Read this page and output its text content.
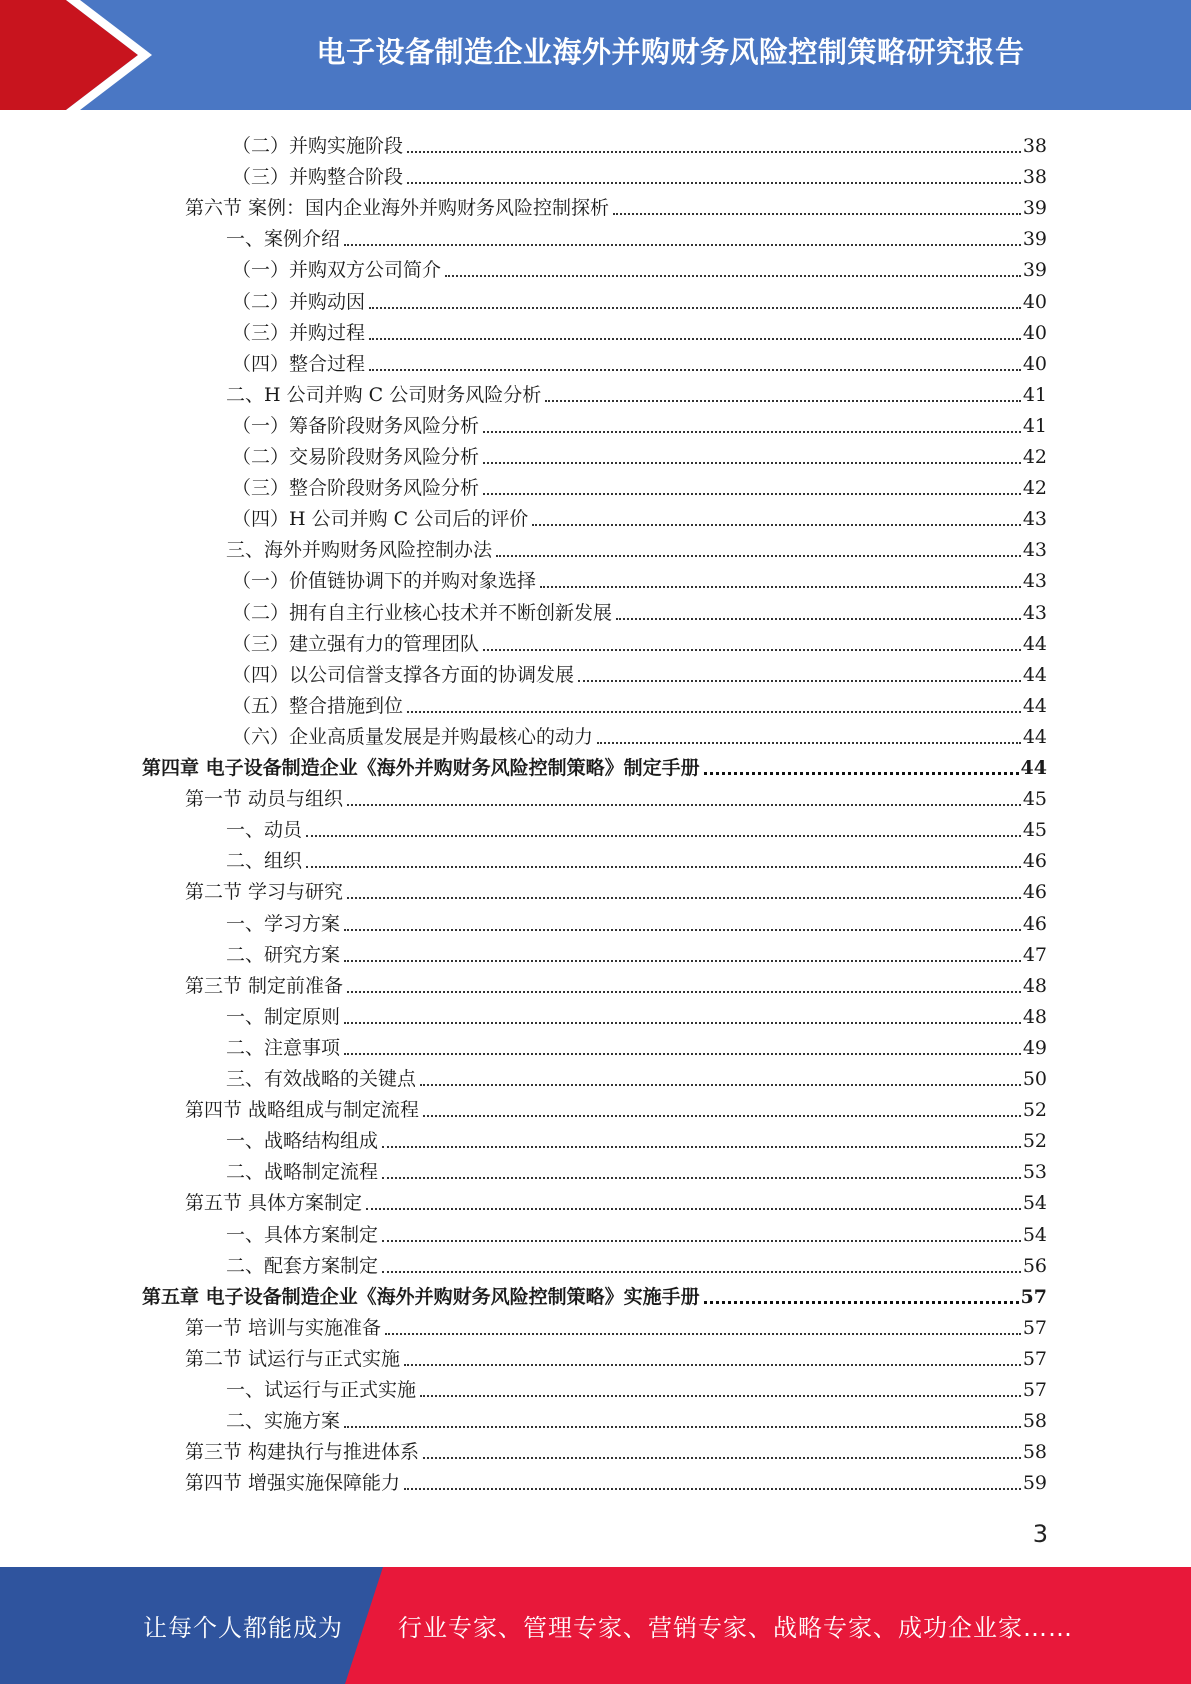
电子设备制造企业海外并购财务风险控制策略研究报告
（二）并购实施阶段	38
（三）并购整合阶段	38
第六节 案例：国内企业海外并购财务风险控制探析	39
一、案例介绍	39
（一）并购双方公司简介	39
（二）并购动因	40
（三）并购过程	40
（四）整合过程	40
二、H 公司并购 C 公司财务风险分析	41
（一）筹备阶段财务风险分析	41
（二）交易阶段财务风险分析	42
（三）整合阶段财务风险分析	42
（四）H 公司并购 C 公司后的评价	43
三、海外并购财务风险控制办法	43
（一）价值链协调下的并购对象选择	43
（二）拥有自主行业核心技术并不断创新发展	43
（三）建立强有力的管理团队	44
（四）以公司信誉支撑各方面的协调发展	44
（五）整合措施到位	44
（六）企业高质量发展是并购最核心的动力	44
第四章 电子设备制造企业《海外并购财务风险控制策略》制定手册	44
第一节 动员与组织	45
一、动员	45
二、组织	46
第二节 学习与研究	46
一、学习方案	46
二、研究方案	47
第三节 制定前准备	48
一、制定原则	48
二、注意事项	49
三、有效战略的关键点	50
第四节 战略组成与制定流程	52
一、战略结构组成	52
二、战略制定流程	53
第五节 具体方案制定	54
一、具体方案制定	54
二、配套方案制定	56
第五章 电子设备制造企业《海外并购财务风险控制策略》实施手册	57
第一节 培训与实施准备	57
第二节 试运行与正式实施	57
一、试运行与正式实施	57
二、实施方案	58
第三节 构建执行与推进体系	58
第四节 增强实施保障能力	59
3
让每个人都能成为 行业专家、管理专家、营销专家、战略专家、成功企业家……
